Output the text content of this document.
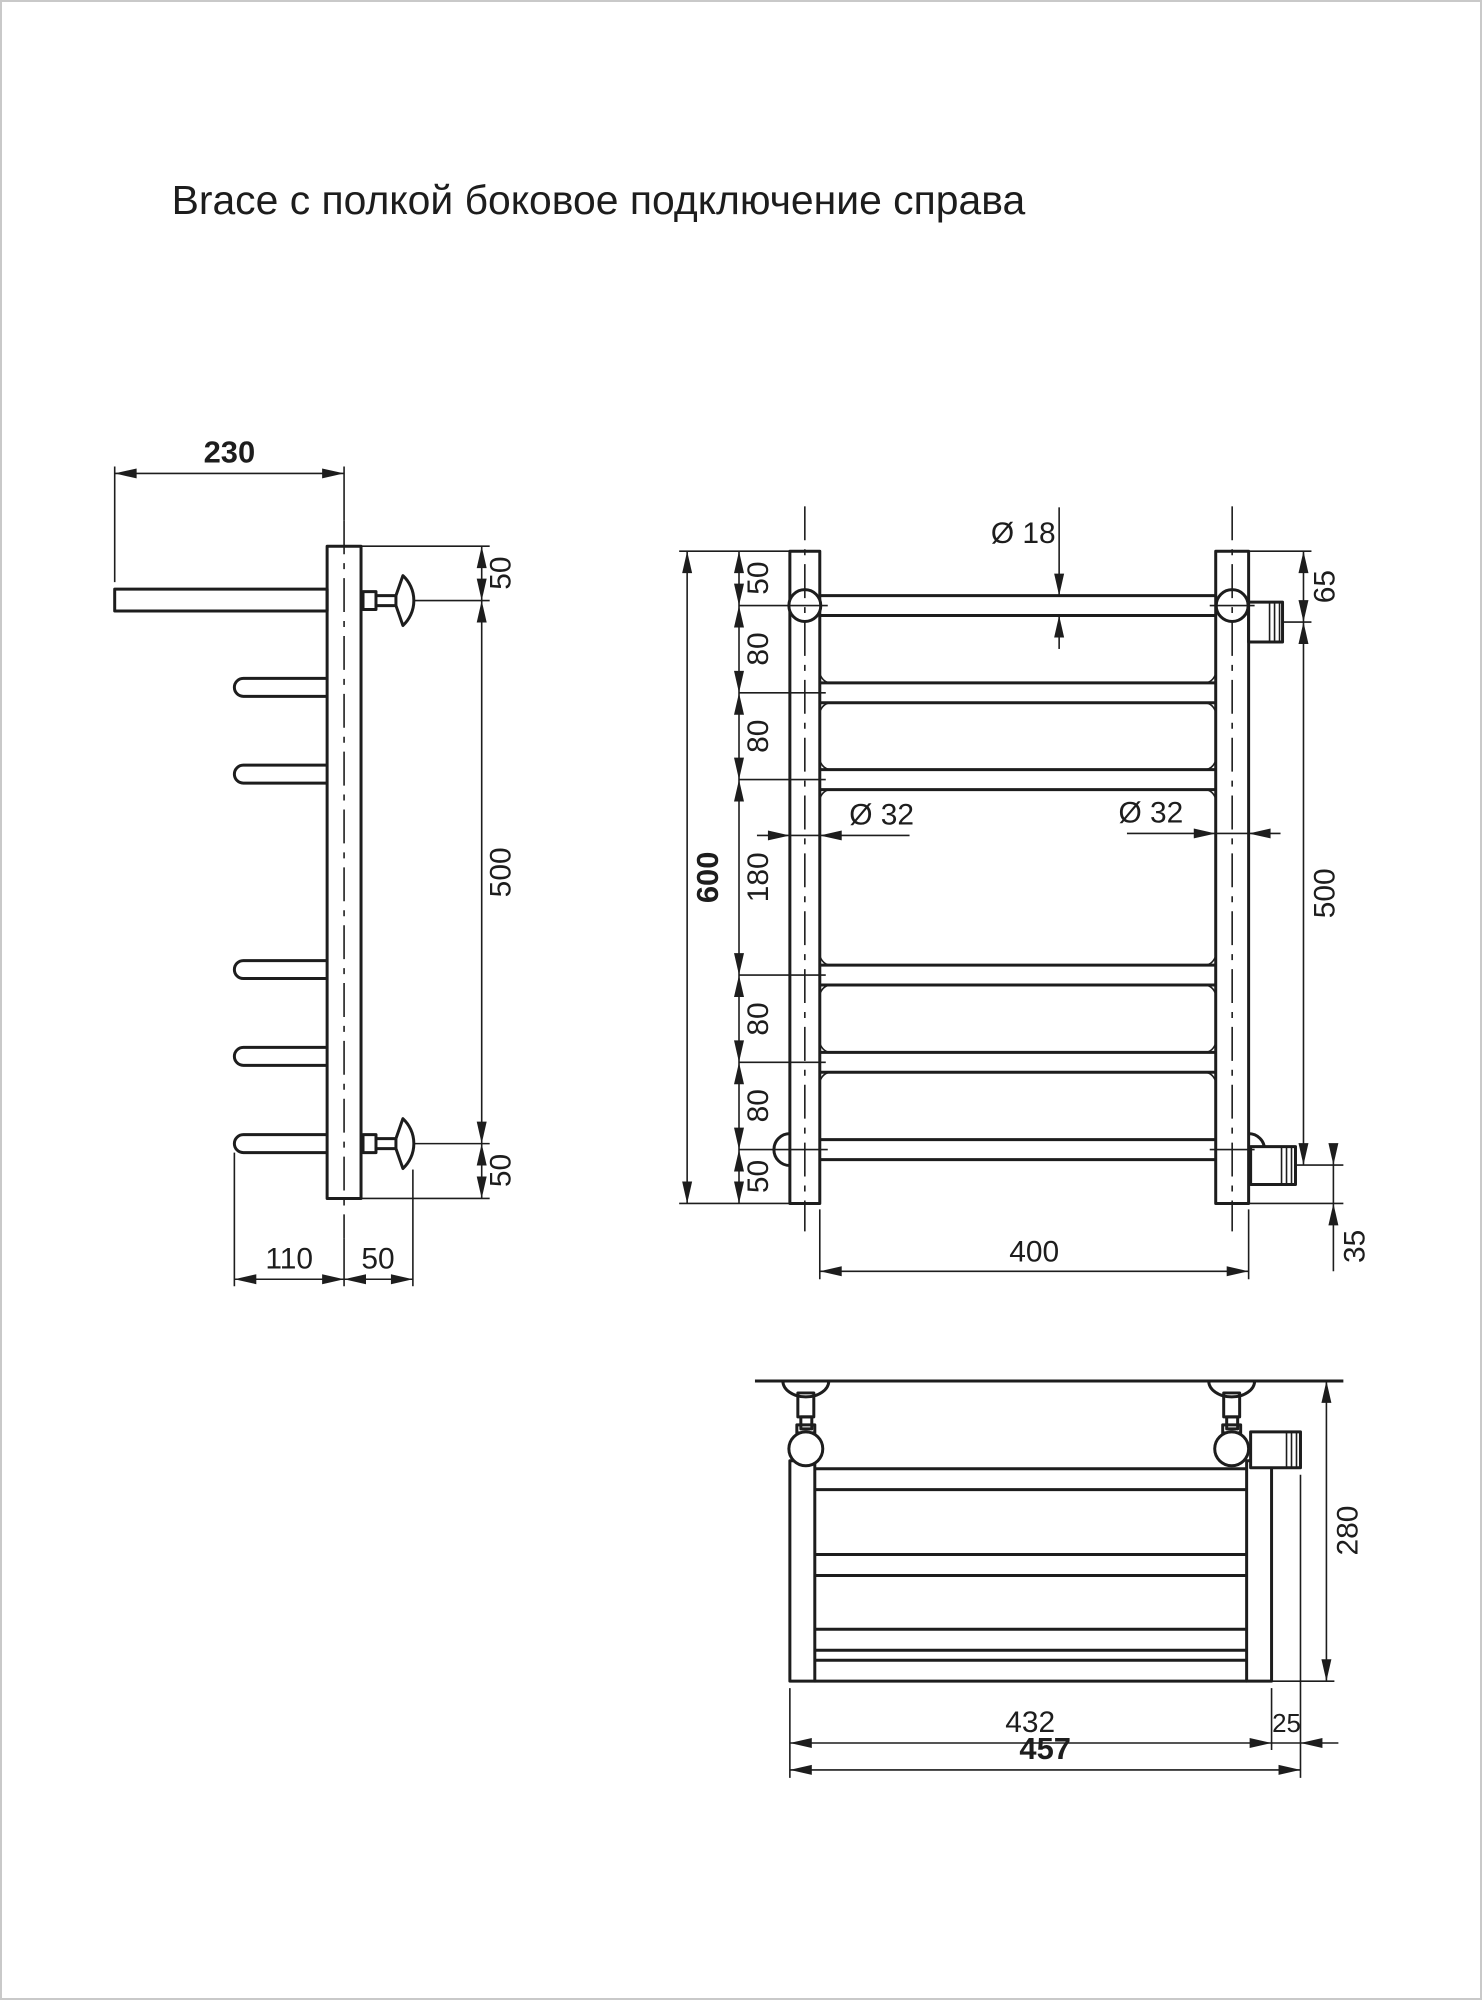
Brace с полкой боковое подключение справа
230
50
500
50
110 50
600
50
80
80
180
80
80
50
Ø 18
Ø 32	Ø 32
65
500
35
400
280
432	25
457
